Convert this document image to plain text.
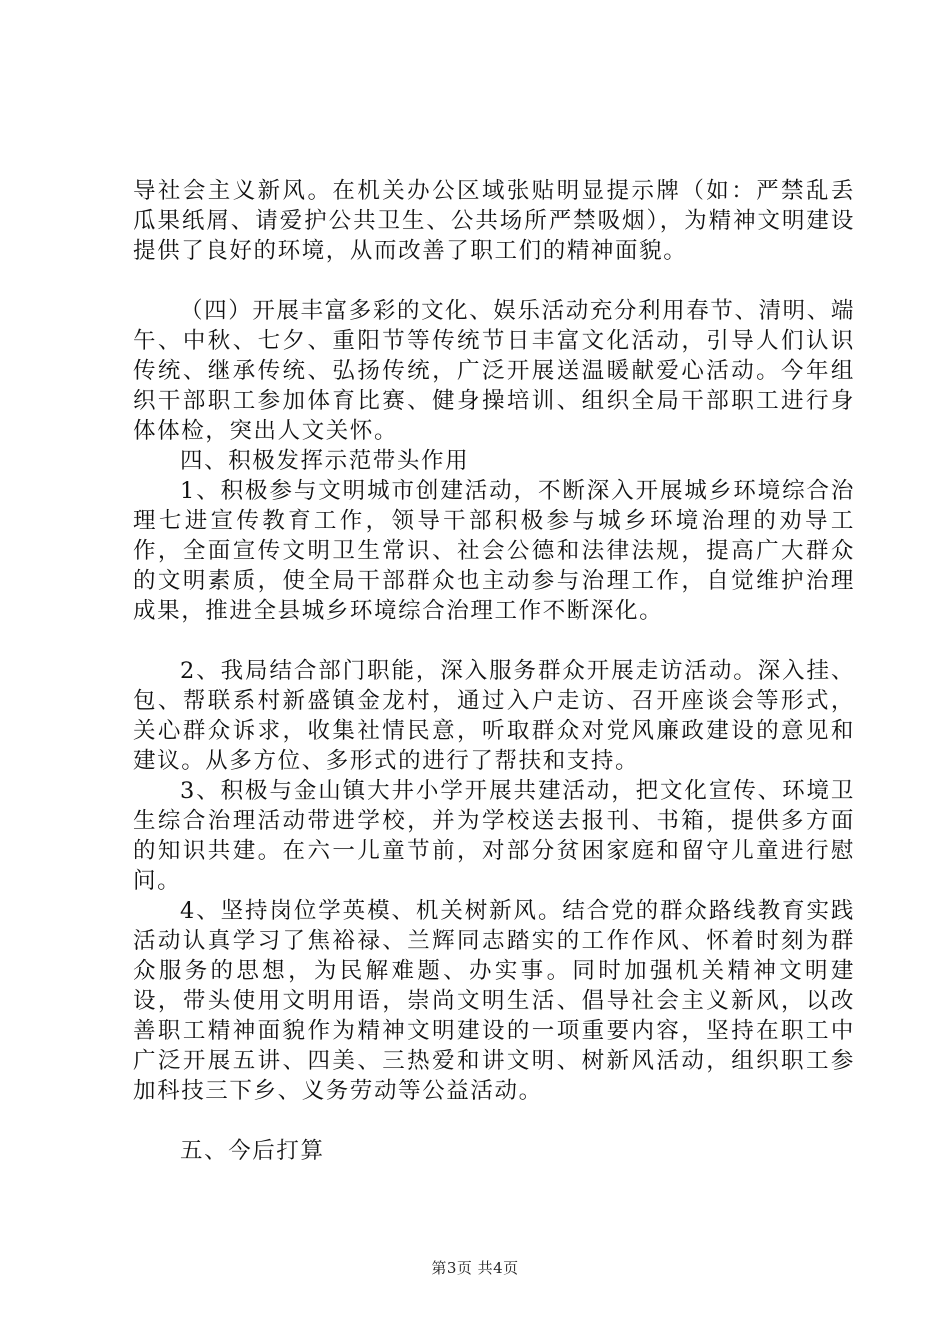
导社会主义新风。在机关办公区域张贴明显提示牌（如：严禁乱丢瓜果纸屑、请爱护公共卫生、公共场所严禁吸烟），为精神文明建设提供了良好的环境，从而改善了职工们的精神面貌。

（四）开展丰富多彩的文化、娱乐活动充分利用春节、清明、端午、中秋、七夕、重阳节等传统节日丰富文化活动，引导人们认识传统、继承传统、弘扬传统，广泛开展送温暖献爱心活动。今年组织干部职工参加体育比赛、健身操培训、组织全局干部职工进行身体体检，突出人文关怀。

四、积极发挥示范带头作用

1、积极参与文明城市创建活动，不断深入开展城乡环境综合治理七进宣传教育工作，领导干部积极参与城乡环境治理的劝导工作，全面宣传文明卫生常识、社会公德和法律法规，提高广大群众的文明素质，使全局干部群众也主动参与治理工作，自觉维护治理成果，推进全县城乡环境综合治理工作不断深化。

2、我局结合部门职能，深入服务群众开展走访活动。深入挂、包、帮联系村新盛镇金龙村，通过入户走访、召开座谈会等形式，关心群众诉求，收集社情民意，听取群众对党风廉政建设的意见和建议。从多方位、多形式的进行了帮扶和支持。

3、积极与金山镇大井小学开展共建活动，把文化宣传、环境卫生综合治理活动带进学校，并为学校送去报刊、书箱，提供多方面的知识共建。在六一儿童节前，对部分贫困家庭和留守儿童进行慰问。

4、坚持岗位学英模、机关树新风。结合党的群众路线教育实践活动认真学习了焦裕禄、兰辉同志踏实的工作作风、怀着时刻为群众服务的思想，为民解难题、办实事。同时加强机关精神文明建设，带头使用文明用语，崇尚文明生活、倡导社会主义新风，以改善职工精神面貌作为精神文明建设的一项重要内容，坚持在职工中广泛开展五讲、四美、三热爱和讲文明、树新风活动，组织职工参加科技三下乡、义务劳动等公益活动。

五、今后打算

第3页 共4页
